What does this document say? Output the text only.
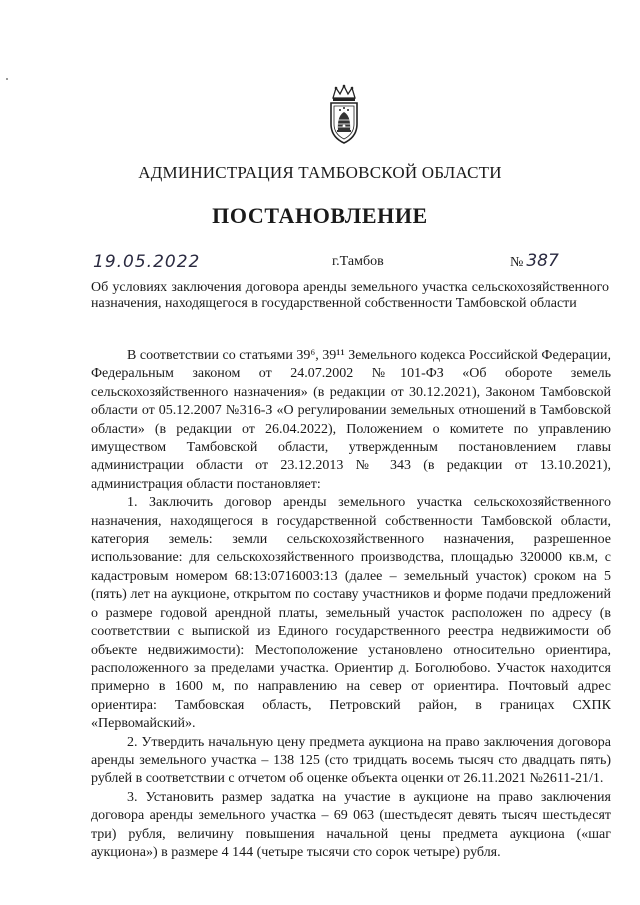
АДМИНИСТРАЦИЯ ТАМБОВСКОЙ ОБЛАСТИ
ПОСТАНОВЛЕНИЕ
19.05.2022	г.Тамбов	№ 387
Об условиях заключения договора аренды земельного участка сельскохозяйственного назначения, находящегося в государственной собственности Тамбовской области

В соответствии со статьями 39⁶, 39¹¹ Земельного кодекса Российской Федерации, Федеральным законом от 24.07.2002 №101-ФЗ «Об обороте земель сельскохозяйственного назначения» (в редакции от 30.12.2021), Законом Тамбовской области от 05.12.2007 №316-З «О регулировании земельных отношений в Тамбовской области» (в редакции от 26.04.2022), Положением о комитете по управлению имуществом Тамбовской области, утвержденным постановлением главы администрации области от 23.12.2013 № 343 (в редакции от 13.10.2021), администрация области постановляет:

1. Заключить договор аренды земельного участка сельскохозяйственного назначения, находящегося в государственной собственности Тамбовской области, категория земель: земли сельскохозяйственного назначения, разрешенное использование: для сельскохозяйственного производства, площадью 320000 кв.м, с кадастровым номером 68:13:0716003:13 (далее – земельный участок) сроком на 5 (пять) лет на аукционе, открытом по составу участников и форме подачи предложений о размере годовой арендной платы, земельный участок расположен по адресу (в соответствии с выпиской из Единого государственного реестра недвижимости об объекте недвижимости): Местоположение установлено относительно ориентира, расположенного за пределами участка. Ориентир д. Боголюбово. Участок находится примерно в 1600 м, по направлению на север от ориентира. Почтовый адрес ориентира: Тамбовская область, Петровский район, в границах СХПК «Первомайский».

2. Утвердить начальную цену предмета аукциона на право заключения договора аренды земельного участка – 138 125 (сто тридцать восемь тысяч сто двадцать пять) рублей в соответствии с отчетом об оценке объекта оценки от 26.11.2021 №2611-21/1.

3. Установить размер задатка на участие в аукционе на право заключения договора аренды земельного участка – 69 063 (шестьдесят девять тысяч шестьдесят три) рубля, величину повышения начальной цены предмета аукциона («шаг аукциона») в размере 4 144 (четыре тысячи сто сорок четыре) рубля.
